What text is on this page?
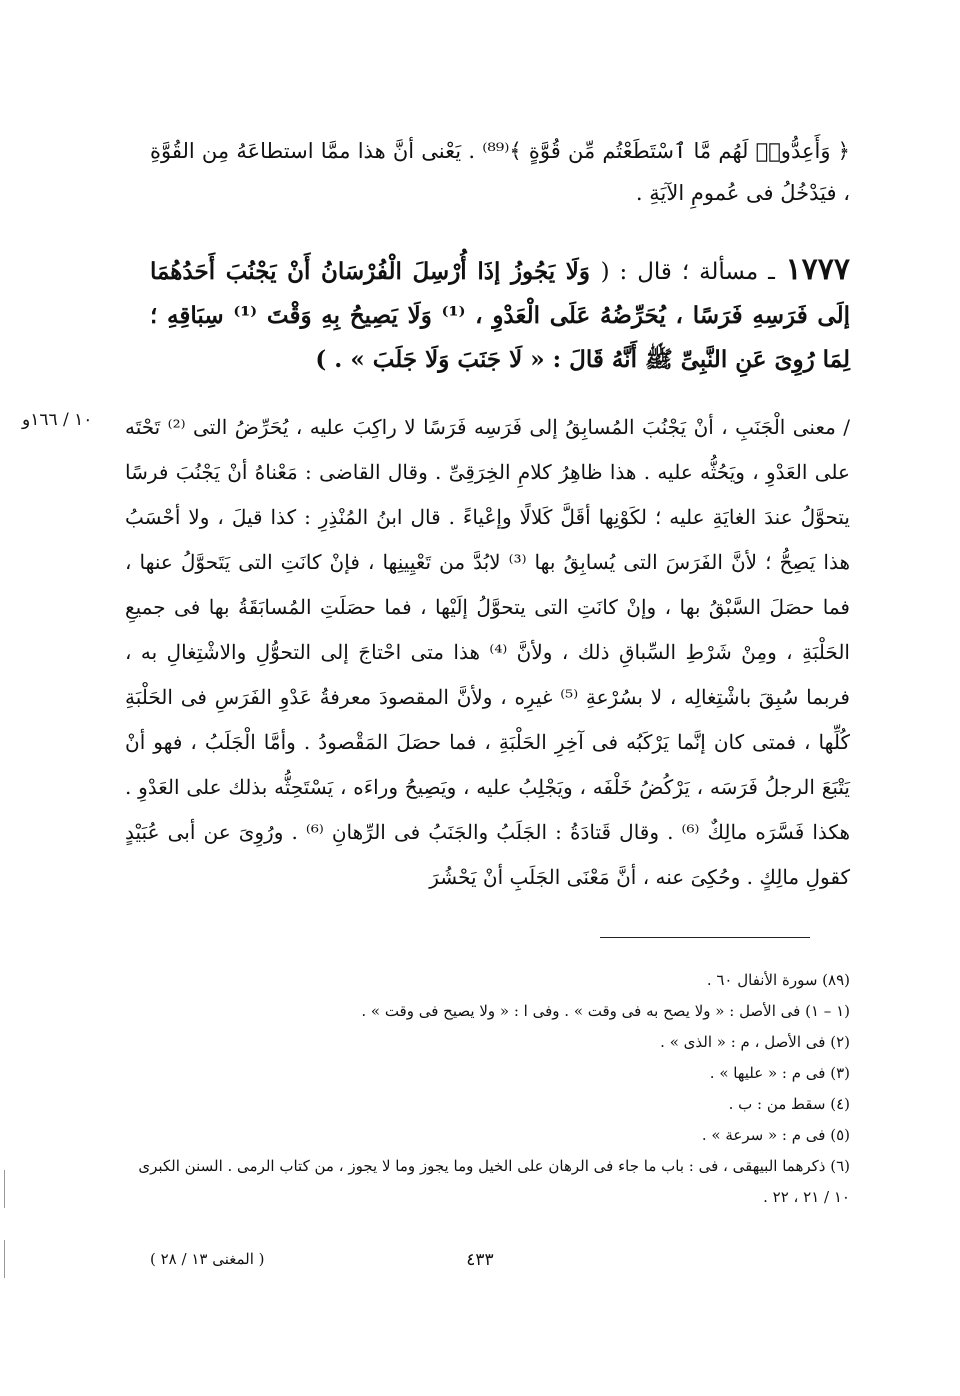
﴿ وَأَعِدُّوا۟ لَهُم مَّا ٱسْتَطَعْتُم مِّن قُوَّةٍ ﴾⁽⁸⁹⁾ . يَعْنى أنَّ هذا ممَّا استطاعَهُ مِن القُوَّةِ ، فيَدْخُلُ فى عُمومِ الآيَةِ .
١٧٧٧ ـ مسألة ؛ قال : ( وَلَا يَجُوزُ إذَا أُرْسِلَ الْفُرْسَانُ أَنْ يَجْنُبَ أَحَدُهُمَا إلَى فَرَسِهِ فَرَسًا ، يُحَرِّضُهُ عَلَى الْعَدْوِ ، ⁽¹⁾ وَلَا يَصِيحُ بِهِ وَقْتَ ⁽¹⁾ سِبَاقِهِ ؛ لِمَا رُوِىَ عَنِ النَّبِىِّ ﷺ أَنَّهُ قَالَ : « لَا جَنَبَ وَلَا جَلَبَ » . )
١٠ / ١٦٦و / معنى الْجَنَبِ ، أنْ يَجْنُبَ المُسابِقُ إلى فَرَسِه فَرَسًا لا راكِبَ عليه ، يُحَرِّضُ التى ⁽²⁾ تَحْتَه على العَدْوِ ، ويَحُثُّه عليه . هذا ظاهِرُ كلامِ الخِرَقِىِّ . وقال القاضى : مَعْناهُ أنْ يَجْنُبَ فرسًا يتحوَّلُ عندَ الغايَةِ عليه ؛ لكَوْنِها أقَلَّ كَلالًا وإعْياءً . قال ابنُ المُنْذِرِ : كذا قيلَ ، ولا أحْسَبُ هذا يَصِحُّ ؛ لأنَّ الفَرَسَ التى يُسابِقُ بها ⁽³⁾ لابُدَّ من تَعْيِينِها ، فإنْ كانَتِ التى يَتَحوَّلُ عنها ، فما حصَلَ السَّبْقُ بها ، وإنْ كانَتِ التى يتحوَّلُ إلَيْها ، فما حصَلَتِ المُسابَقَةُ بها فى جميعِ الحَلْبَةِ ، ومِنْ شَرْطِ السِّباقِ ذلك ، ولأنَّ ⁽⁴⁾ هذا متى احْتاجَ إلى التحوُّلِ والاشْتِغالِ به ، فربما سُبِقَ باشْتِغالِه ، لا بسُرْعةِ ⁽⁵⁾ غيرِه ، ولأنَّ المقصودَ معرفةُ عَدْوِ الفَرَسِ فى الحَلْبَةِ كُلِّها ، فمتى كان إنَّما يَرْكَبُه فى آخِرِ الحَلْبَةِ ، فما حصَلَ المَقْصودُ . وأمَّا الْجَلَبُ ، فهو أنْ يَتْبَعَ الرجلُ فَرَسَه ، يَرْكُضُ خَلْفَه ، ويَجْلِبُ عليه ، ويَصِيحُ وراءَه ، يَسْتَحِثُّه بذلك على العَدْوِ . هكذا فَسَّرَه مالِكٌ ⁽⁶⁾ . وقال قَتادَةُ : الجَلَبُ والجَنَبُ فى الرِّهانِ ⁽⁶⁾ . ورُوِىَ عن أبى عُبَيْدٍ كقولِ مالِكٍ . وحُكِىَ عنه ، أنَّ مَعْنَى الجَلَبِ أنْ يَحْشُرَ
(٨٩) سورة الأنفال ٦٠ .
(١ – ١) فى الأصل : « ولا يصح به فى وقت » . وفى ا : « ولا يصيح فى وقت » .
(٢) فى الأصل ، م : « الذى » .
(٣) فى م : « عليها » .
(٤) سقط من : ب .
(٥) فى م : « سرعة » .
(٦) ذكرهما البيهقى ، فى : باب ما جاء فى الرهان على الخيل وما يجوز وما لا يجوز ، من كتاب الرمى . السنن الكبرى
١٠ / ٢١ ، ٢٢ .
٤٣٣
( المغنى ١٣ / ٢٨ )
